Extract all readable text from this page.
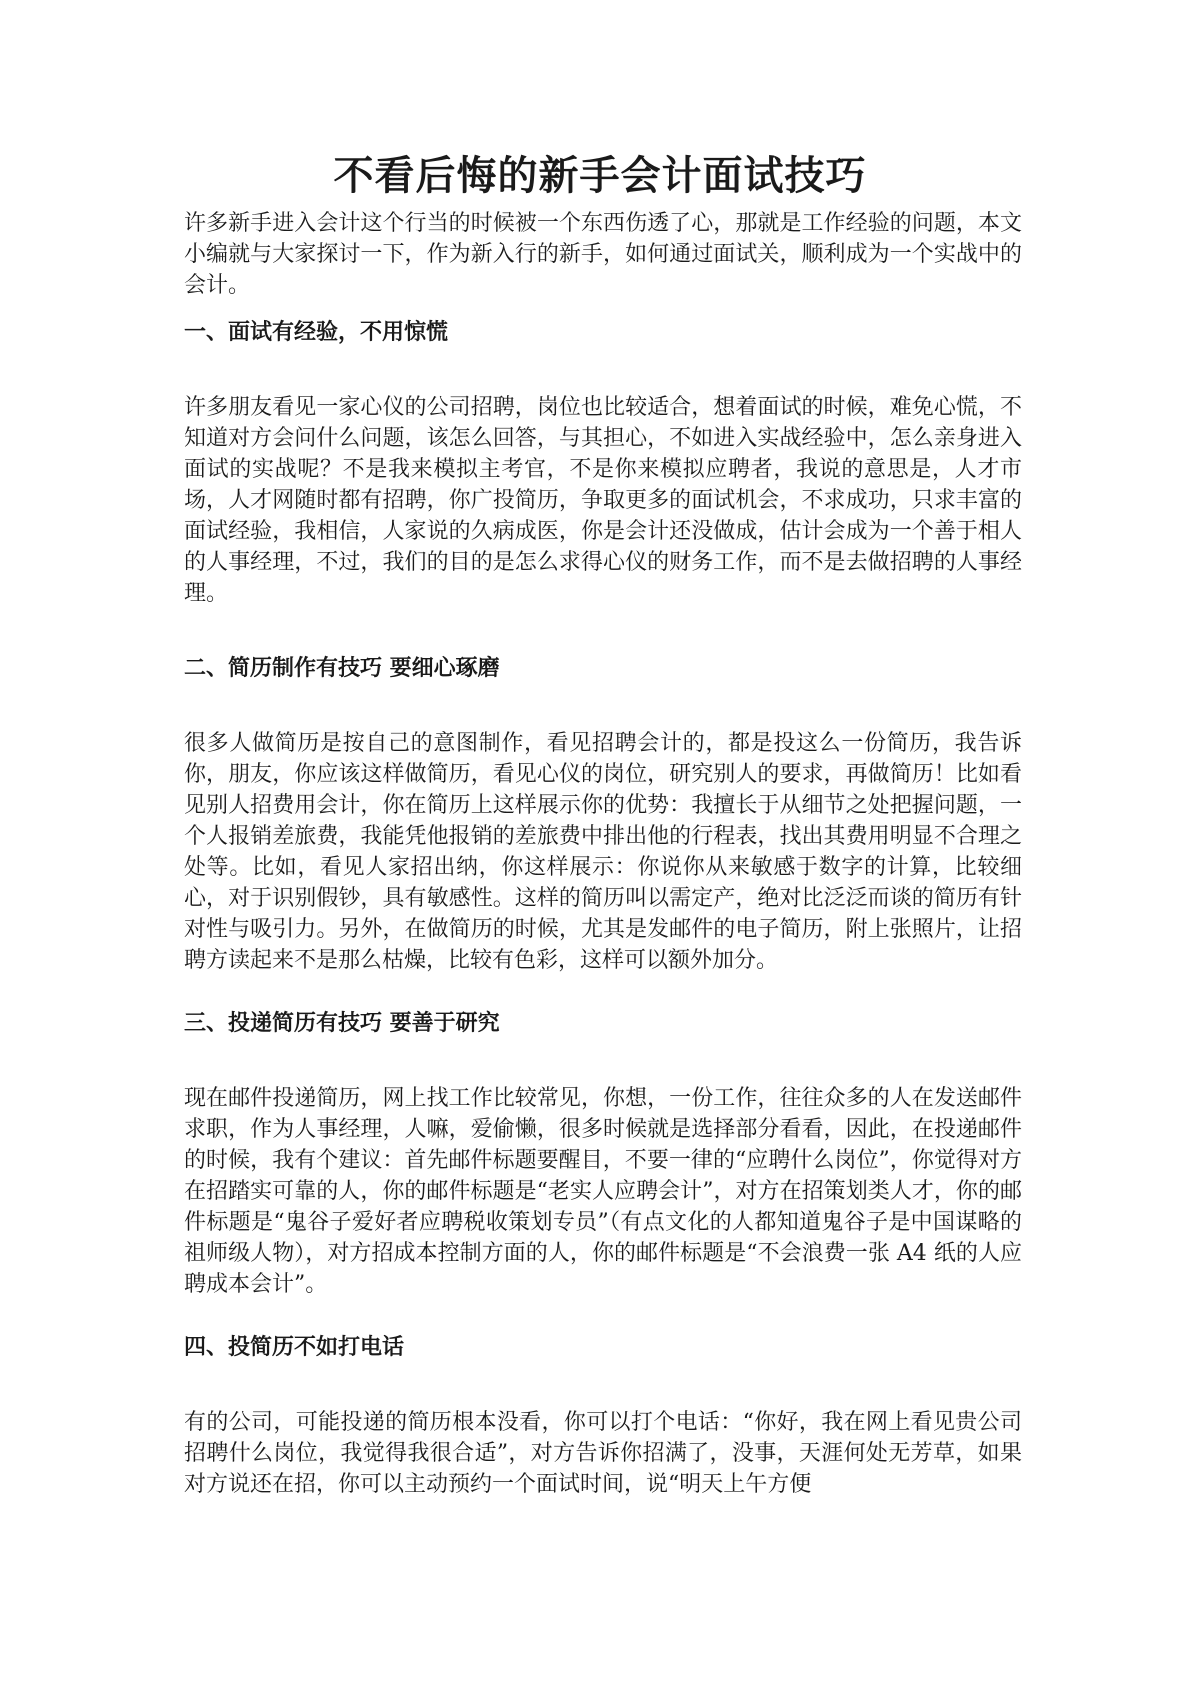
不看后悔的新手会计面试技巧

许多新手进入会计这个行当的时候被一个东西伤透了心，那就是工作经验的问题，本文小编就与大家探讨一下，作为新入行的新手，如何通过面试关，顺利成为一个实战中的会计。

一、面试有经验，不用惊慌

许多朋友看见一家心仪的公司招聘，岗位也比较适合，想着面试的时候，难免心慌，不知道对方会问什么问题，该怎么回答，与其担心，不如进入实战经验中，怎么亲身进入面试的实战呢？不是我来模拟主考官，不是你来模拟应聘者，我说的意思是，人才市场，人才网随时都有招聘，你广投简历，争取更多的面试机会，不求成功，只求丰富的面试经验，我相信，人家说的久病成医，你是会计还没做成，估计会成为一个善于相人的人事经理，不过，我们的目的是怎么求得心仪的财务工作，而不是去做招聘的人事经理。

二、简历制作有技巧 要细心琢磨

很多人做简历是按自己的意图制作，看见招聘会计的，都是投这么一份简历，我告诉你，朋友，你应该这样做简历，看见心仪的岗位，研究别人的要求，再做简历！比如看见别人招费用会计，你在简历上这样展示你的优势：我擅长于从细节之处把握问题，一个人报销差旅费，我能凭他报销的差旅费中排出他的行程表，找出其费用明显不合理之处等。比如，看见人家招出纳，你这样展示：你说你从来敏感于数字的计算，比较细心，对于识别假钞，具有敏感性。这样的简历叫以需定产，绝对比泛泛而谈的简历有针对性与吸引力。另外，在做简历的时候，尤其是发邮件的电子简历，附上张照片，让招聘方读起来不是那么枯燥，比较有色彩，这样可以额外加分。

三、投递简历有技巧 要善于研究

现在邮件投递简历，网上找工作比较常见，你想，一份工作，往往众多的人在发送邮件求职，作为人事经理，人嘛，爱偷懒，很多时候就是选择部分看看，因此，在投递邮件的时候，我有个建议：首先邮件标题要醒目，不要一律的“应聘什么岗位”，你觉得对方在招踏实可靠的人，你的邮件标题是“老实人应聘会计”，对方在招策划类人才，你的邮件标题是“鬼谷子爱好者应聘税收策划专员”（有点文化的人都知道鬼谷子是中国谋略的祖师级人物），对方招成本控制方面的人，你的邮件标题是“不会浪费一张 A4 纸的人应聘成本会计”。

四、投简历不如打电话

有的公司，可能投递的简历根本没看，你可以打个电话：“你好，我在网上看见贵公司招聘什么岗位，我觉得我很合适”，对方告诉你招满了，没事，天涯何处无芳草，如果对方说还在招，你可以主动预约一个面试时间，说“明天上午方便
